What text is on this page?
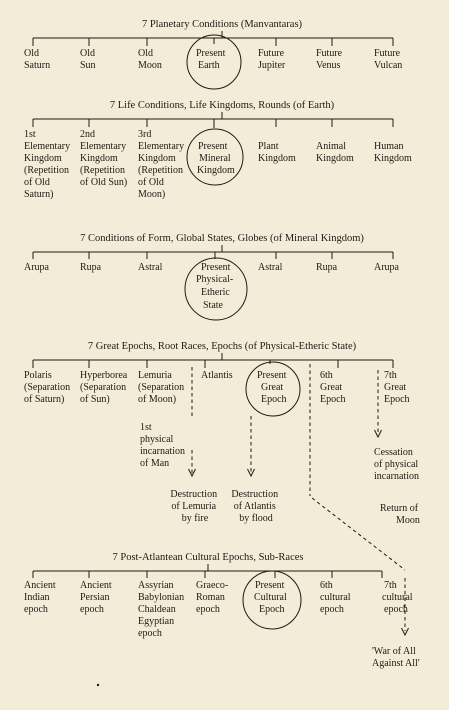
7 Planetary Conditions (Manvantaras)
Old Saturn
Old Sun
Old Moon
Present Earth
Future Jupiter
Future Venus
Future Vulcan
7 Life Conditions, Life Kingdoms, Rounds (of Earth)
1st Elementary Kingdom (Repetition of Old Saturn)
2nd Elementary Kingdom (Repetition of Old Sun)
3rd Elementary Kingdom (Repetition of Old Moon)
Present Mineral Kingdom
Plant Kingdom
Animal Kingdom
Human Kingdom
7 Conditions of Form, Global States, Globes (of Mineral Kingdom)
Arupa	Rupa	Astral	Present Physical- Etheric State
Astral	Rupa	Arupa
7 Great Epochs, Root Races, Epochs (of Physical-Etheric State)
Polaris (Separation of Saturn)
Hyperborea (Separation of Sun)
Lemuria (Separation of Moon)
Atlantis Present Great Epoch
6th Great Epoch
7th Great Epoch
1st physical incarnation of Man
Destruction of Lemuria by fire
Destruction of Atlantis by flood
Cessation of physical incarnation
Return of Moon
7 Post-Atlantean Cultural Epochs, Sub-Races
Ancient Indian epoch
Ancient Persian epoch
Assyrian Babylonian Chaldean Egyptian epoch
Graeco- Roman epoch
Present Cultural Epoch
6th cultural epoch
7th cultural epoch
'War of All Against All'
